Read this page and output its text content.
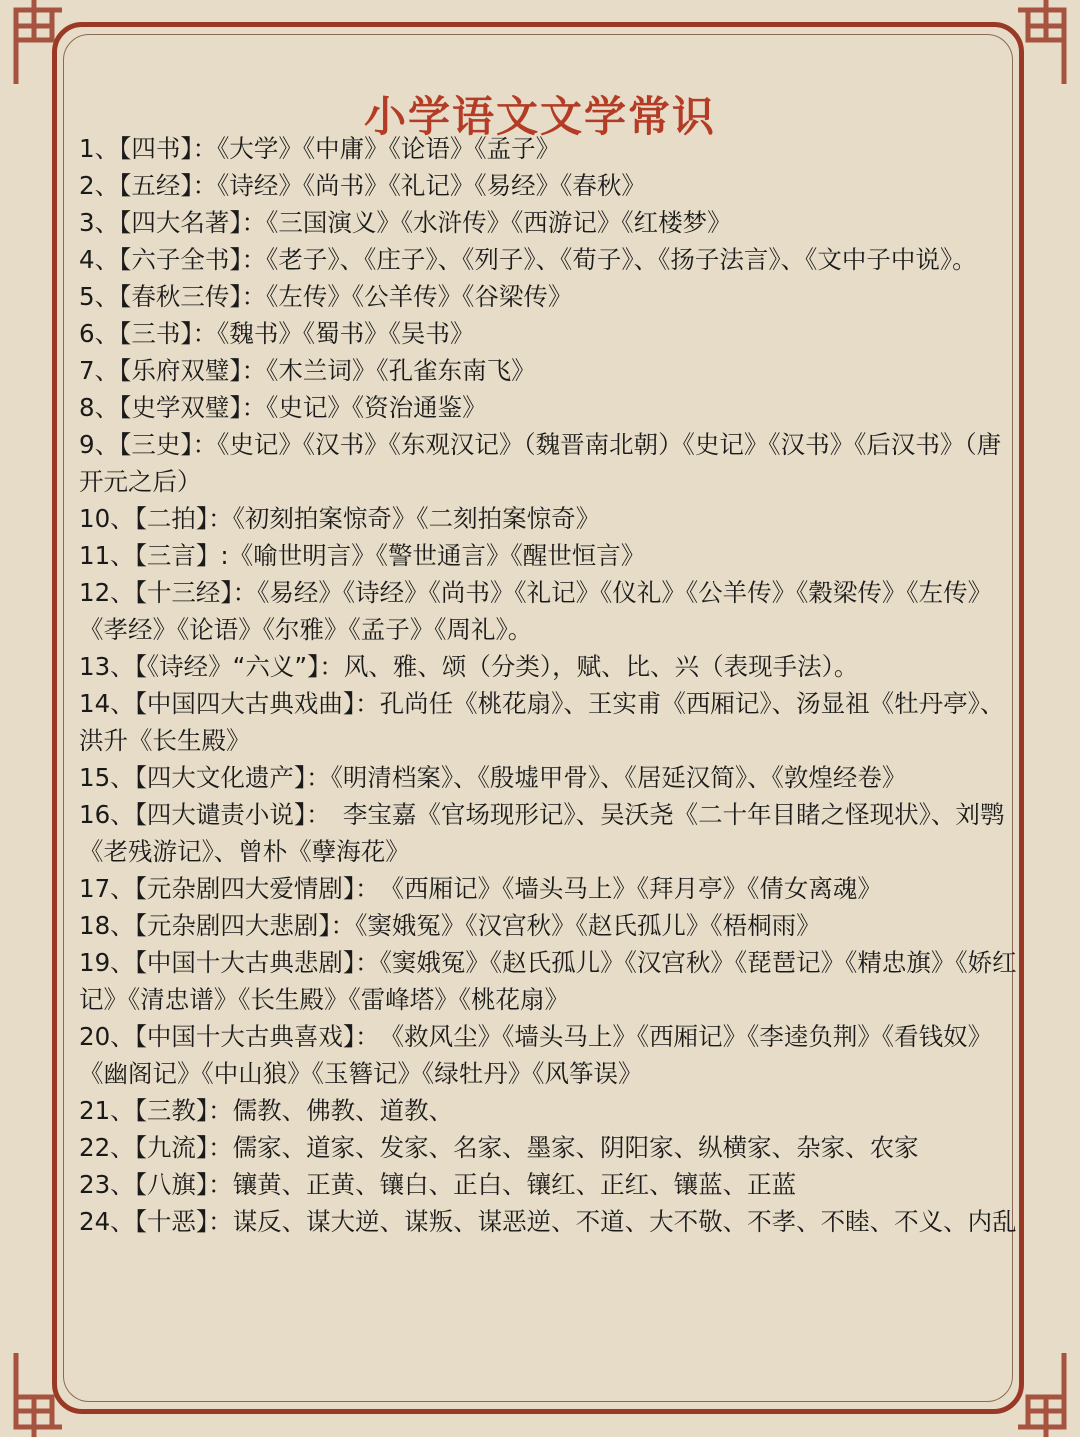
小学语文文学常识

1、【四书】：《大学》《中庸》《论语》《孟子》

2、【五经】：《诗经》《尚书》《礼记》《易经》《春秋》

3、【四大名著】：《三国演义》《水浒传》《西游记》《红楼梦》

4、【六子全书】：《老子》、《庄子》、《列子》、《荀子》、《扬子法言》、《文中子中说》。

5、【春秋三传】：《左传》《公羊传》《谷梁传》

6、【三书】：《魏书》《蜀书》《吴书》

7、【乐府双璧】：《木兰词》《孔雀东南飞》

8、【史学双璧】：《史记》《资治通鉴》

9、【三史】：《史记》《汉书》《东观汉记》（魏晋南北朝）《史记》《汉书》《后汉书》（唐开元之后）

10、【二拍】：《初刻拍案惊奇》《二刻拍案惊奇》

11、【三言】:《喻世明言》《警世通言》《醒世恒言》

12、【十三经】：《易经》《诗经》《尚书》《礼记》《仪礼》《公羊传》《穀梁传》《左传》《孝经》《论语》《尔雅》《孟子》《周礼》。

13、【《诗经》“六义”】：风、雅、颂（分类），赋、比、兴（表现手法）。

14、【中国四大古典戏曲】：孔尚任《桃花扇》、王实甫《西厢记》、汤显祖《牡丹亭》、洪升《长生殿》

15、【四大文化遗产】：《明清档案》、《殷墟甲骨》、《居延汉简》、《敦煌经卷》

16、【四大谴责小说】：　李宝嘉《官场现形记》、吴沃尧《二十年目睹之怪现状》、刘鹗《老残游记》、曾朴《孽海花》

17、【元杂剧四大爱情剧】：　《西厢记》《墙头马上》《拜月亭》《倩女离魂》

18、【元杂剧四大悲剧】：《窦娥冤》《汉宫秋》《赵氏孤儿》《梧桐雨》

19、【中国十大古典悲剧】：《窦娥冤》《赵氏孤儿》《汉宫秋》《琵琶记》《精忠旗》《娇红记》《清忠谱》《长生殿》《雷峰塔》《桃花扇》

20、【中国十大古典喜戏】：　《救风尘》《墙头马上》《西厢记》《李逵负荆》《看钱奴》《幽阁记》《中山狼》《玉簪记》《绿牡丹》《风筝误》

21、【三教】：儒教、佛教、道教、

22、【九流】：儒家、道家、发家、名家、墨家、阴阳家、纵横家、杂家、农家

23、【八旗】：镶黄、正黄、镶白、正白、镶红、正红、镶蓝、正蓝

24、【十恶】：谋反、谋大逆、谋叛、谋恶逆、不道、大不敬、不孝、不睦、不义、内乱
